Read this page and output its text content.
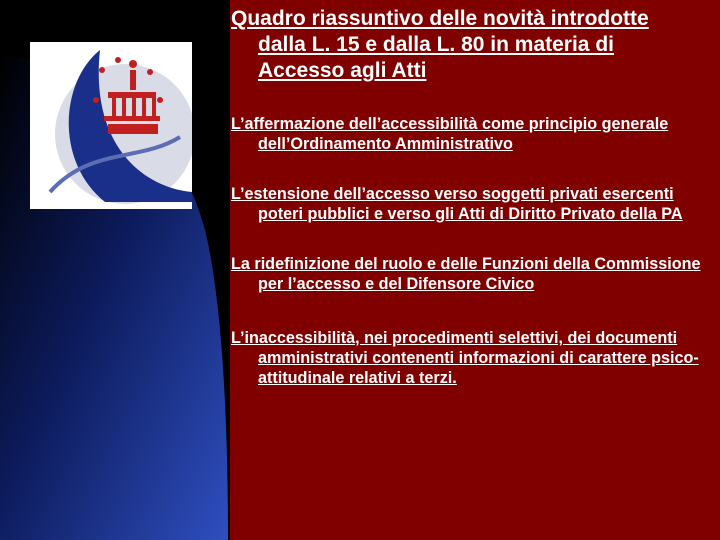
Quadro riassuntivo delle novità introdotte dalla L. 15 e dalla L. 80 in materia di Accesso agli Atti

L’affermazione dell’accessibilità come principio generale dell’Ordinamento Amministrativo

L’estensione dell’accesso verso soggetti privati esercenti poteri pubblici e verso gli Atti di Diritto Privato della PA

La ridefinizione del ruolo e delle Funzioni della Commissione per l’accesso e del Difensore Civico

L’inaccessibilità, nei procedimenti selettivi, dei documenti amministrativi contenenti informazioni di carattere psico-attitudinale relativi a terzi.
